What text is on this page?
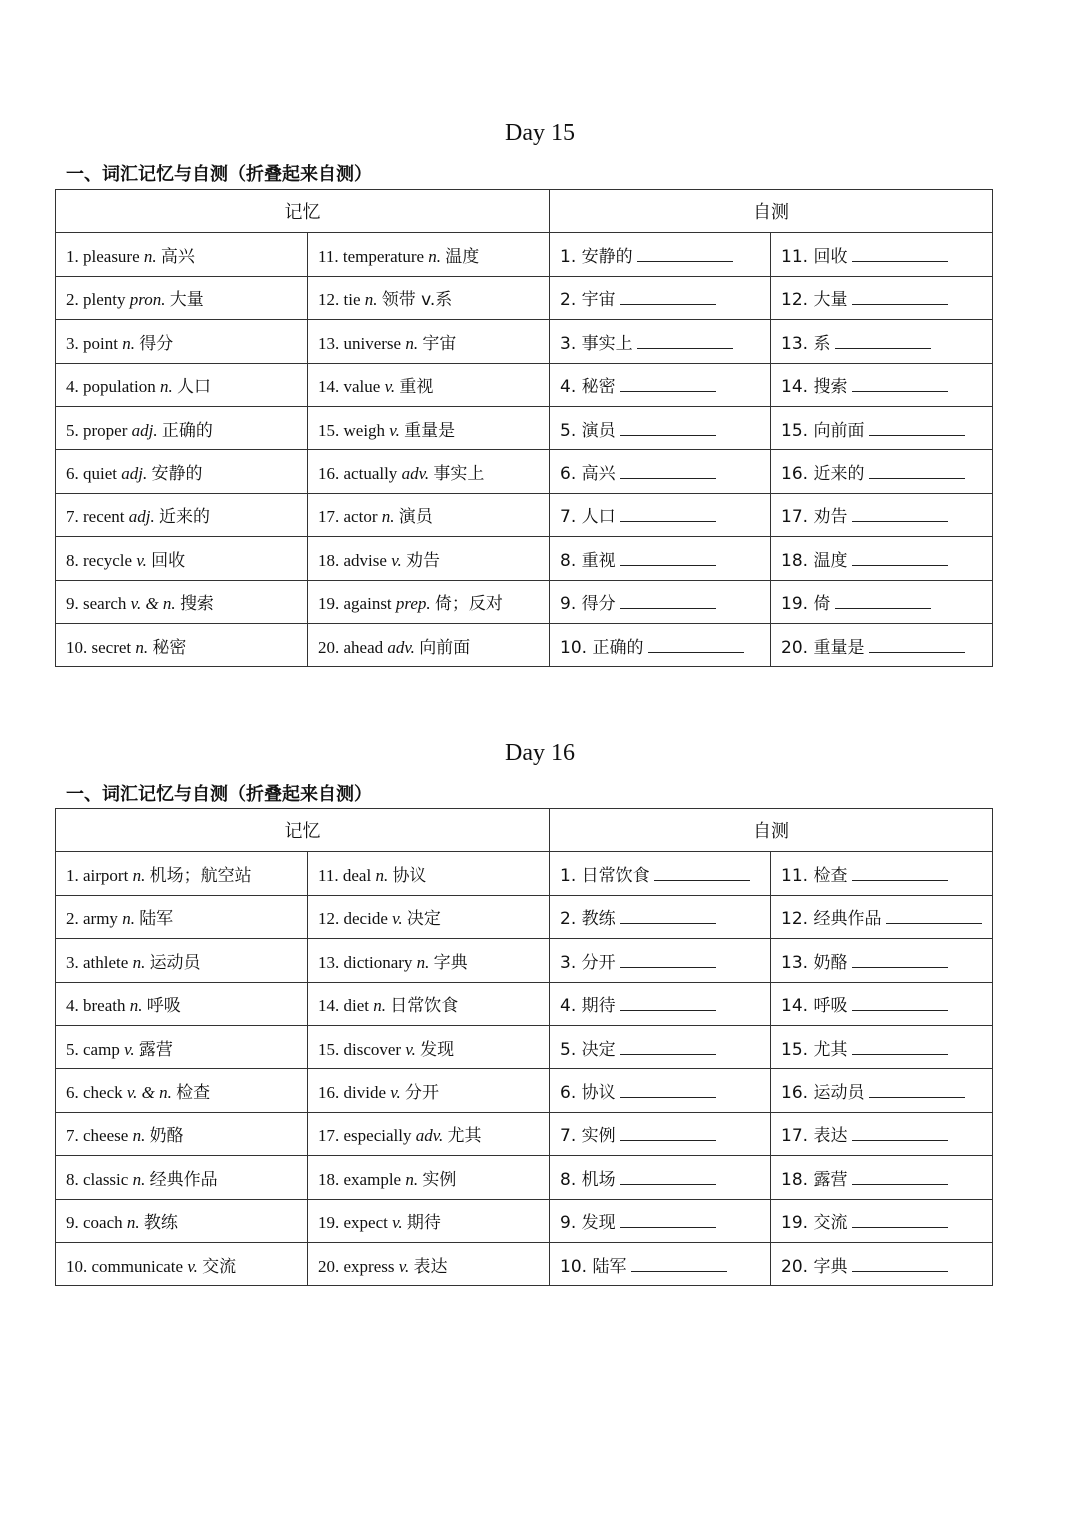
Day 15
一、词汇记忆与自测（折叠起来自测）
记忆		自测	
1. pleasure n. 高兴	11. temperature n. 温度	1. 安静的	11. 回收
2. plenty pron. 大量	12. tie n. 领带 v.系	2. 宇宙	12. 大量
3. point n. 得分	13. universe n. 宇宙	3. 事实上	13. 系
4. population n. 人口	14. value v. 重视	4. 秘密	14. 搜索
5. proper adj. 正确的	15. weigh v. 重量是	5. 演员	15. 向前面
6. quiet adj. 安静的	16. actually adv. 事实上	6. 高兴	16. 近来的
7. recent adj. 近来的	17. actor n. 演员	7. 人口	17. 劝告
8. recycle v. 回收	18. advise v. 劝告	8. 重视	18. 温度
9. search v. & n. 搜索	19. against prep. 倚；反对	9. 得分	19. 倚
10. secret n. 秘密	20. ahead adv. 向前面	10. 正确的	20. 重量是
Day 16
一、词汇记忆与自测（折叠起来自测）
记忆		自测	
1. airport n. 机场；航空站	11. deal n. 协议	1. 日常饮食	11. 检查
2. army n. 陆军	12. decide v. 决定	2. 教练	12. 经典作品
3. athlete n. 运动员	13. dictionary n. 字典	3. 分开	13. 奶酪
4. breath n. 呼吸	14. diet n. 日常饮食	4. 期待	14. 呼吸
5. camp v. 露营	15. discover v. 发现	5. 决定	15. 尤其
6. check v. & n. 检查	16. divide v. 分开	6. 协议	16. 运动员
7. cheese n. 奶酪	17. especially adv. 尤其	7. 实例	17. 表达
8. classic n. 经典作品	18. example n. 实例	8. 机场	18. 露营
9. coach n. 教练	19. expect v. 期待	9. 发现	19. 交流
10. communicate v. 交流	20. express v. 表达	10. 陆军	20. 字典
